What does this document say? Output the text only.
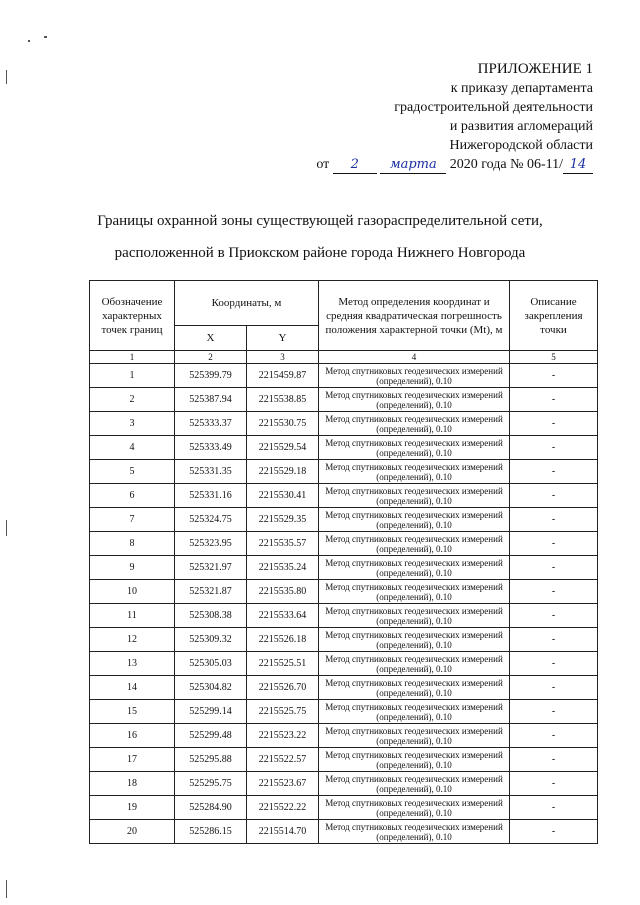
ПРИЛОЖЕНИЕ 1
к приказу департамента
градостроительной деятельности
и развития агломераций
Нижегородской области
от 2 марта 2020 года № 06-11/ 14
Границы охранной зоны существующей газораспределительной сети,
расположенной в Приокском районе города Нижнего Новгорода
Обозначение характерных точек границ	Координаты, м		Метод определения координат и средняя квадратическая погрешность положения характерной точки (Mt), м	Описание закрепления точки
	X	Y		
1	2	3	4	5
1	525399.79	2215459.87	Метод спутниковых геодезических измерений (определений), 0.10	-
2	525387.94	2215538.85	Метод спутниковых геодезических измерений (определений), 0.10	-
3	525333.37	2215530.75	Метод спутниковых геодезических измерений (определений), 0.10	-
4	525333.49	2215529.54	Метод спутниковых геодезических измерений (определений), 0.10	-
5	525331.35	2215529.18	Метод спутниковых геодезических измерений (определений), 0.10	-
6	525331.16	2215530.41	Метод спутниковых геодезических измерений (определений), 0.10	-
7	525324.75	2215529.35	Метод спутниковых геодезических измерений (определений), 0.10	-
8	525323.95	2215535.57	Метод спутниковых геодезических измерений (определений), 0.10	-
9	525321.97	2215535.24	Метод спутниковых геодезических измерений (определений), 0.10	-
10	525321.87	2215535.80	Метод спутниковых геодезических измерений (определений), 0.10	-
11	525308.38	2215533.64	Метод спутниковых геодезических измерений (определений), 0.10	-
12	525309.32	2215526.18	Метод спутниковых геодезических измерений (определений), 0.10	-
13	525305.03	2215525.51	Метод спутниковых геодезических измерений (определений), 0.10	-
14	525304.82	2215526.70	Метод спутниковых геодезических измерений (определений), 0.10	-
15	525299.14	2215525.75	Метод спутниковых геодезических измерений (определений), 0.10	-
16	525299.48	2215523.22	Метод спутниковых геодезических измерений (определений), 0.10	-
17	525295.88	2215522.57	Метод спутниковых геодезических измерений (определений), 0.10	-
18	525295.75	2215523.67	Метод спутниковых геодезических измерений (определений), 0.10	-
19	525284.90	2215522.22	Метод спутниковых геодезических измерений (определений), 0.10	-
20	525286.15	2215514.70	Метод спутниковых геодезических измерений (определений), 0.10	-
